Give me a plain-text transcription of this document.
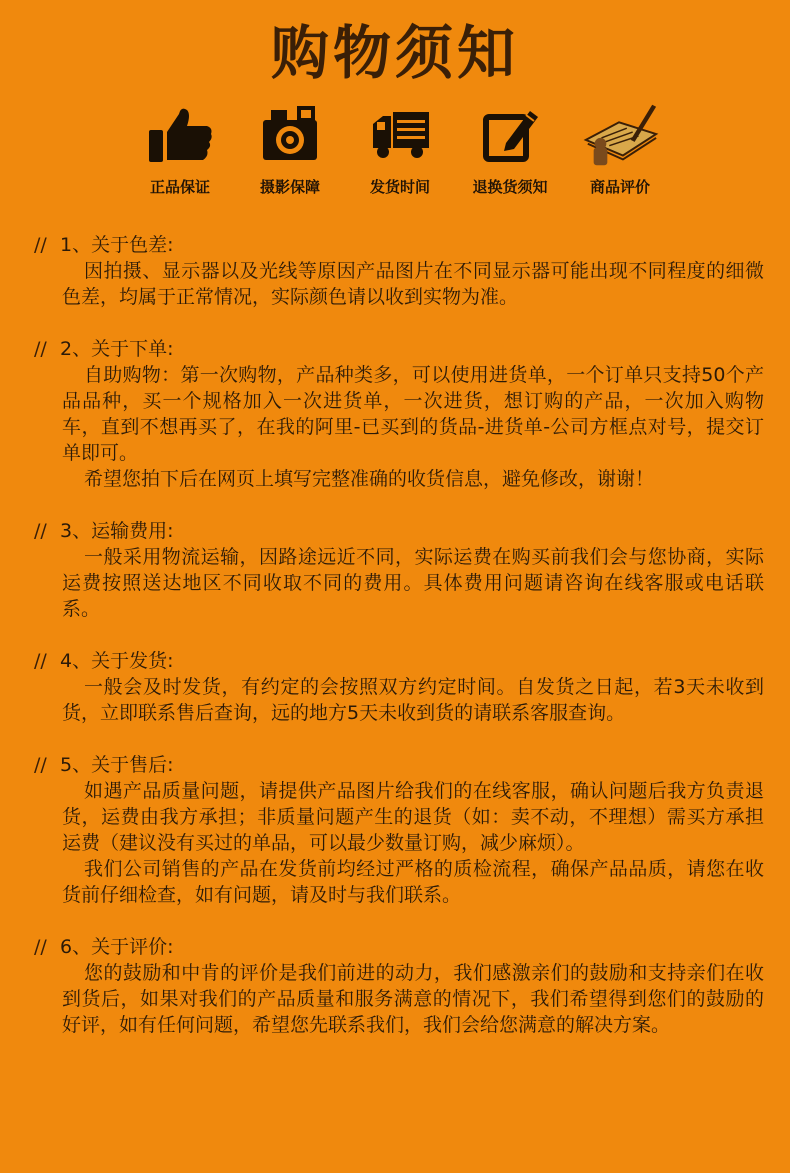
购物须知
正品保证	摄影保障	发货时间	退换货须知	商品评价
// 1、关于色差:
因拍摄、显示器以及光线等原因产品图片在不同显示器可能出现不同程度的细微色差，均属于正常情况，实际颜色请以收到实物为准。
// 2、关于下单:
自助购物：第一次购物，产品种类多，可以使用进货单，一个订单只支持50个产品品种，买一个规格加入一次进货单，一次进货，想订购的产品，一次加入购物车，直到不想再买了，在我的阿里-已买到的货品-进货单-公司方框点对号，提交订单即可。
希望您拍下后在网页上填写完整准确的收货信息，避免修改，谢谢！
// 3、运输费用:
一般采用物流运输，因路途远近不同，实际运费在购买前我们会与您协商，实际运费按照送达地区不同收取不同的费用。具体费用问题请咨询在线客服或电话联系。
// 4、关于发货:
一般会及时发货，有约定的会按照双方约定时间。自发货之日起，若3天未收到货，立即联系售后查询，远的地方5天未收到货的请联系客服查询。
// 5、关于售后:
如遇产品质量问题，请提供产品图片给我们的在线客服，确认问题后我方负责退货，运费由我方承担；非质量问题产生的退货（如：卖不动，不理想）需买方承担运费（建议没有买过的单品，可以最少数量订购，减少麻烦）。
我们公司销售的产品在发货前均经过严格的质检流程，确保产品品质，请您在收货前仔细检查，如有问题，请及时与我们联系。
// 6、关于评价:
您的鼓励和中肯的评价是我们前进的动力，我们感激亲们的鼓励和支持亲们在收到货后，如果对我们的产品质量和服务满意的情况下，我们希望得到您们的鼓励的好评，如有任何问题，希望您先联系我们，我们会给您满意的解决方案。
